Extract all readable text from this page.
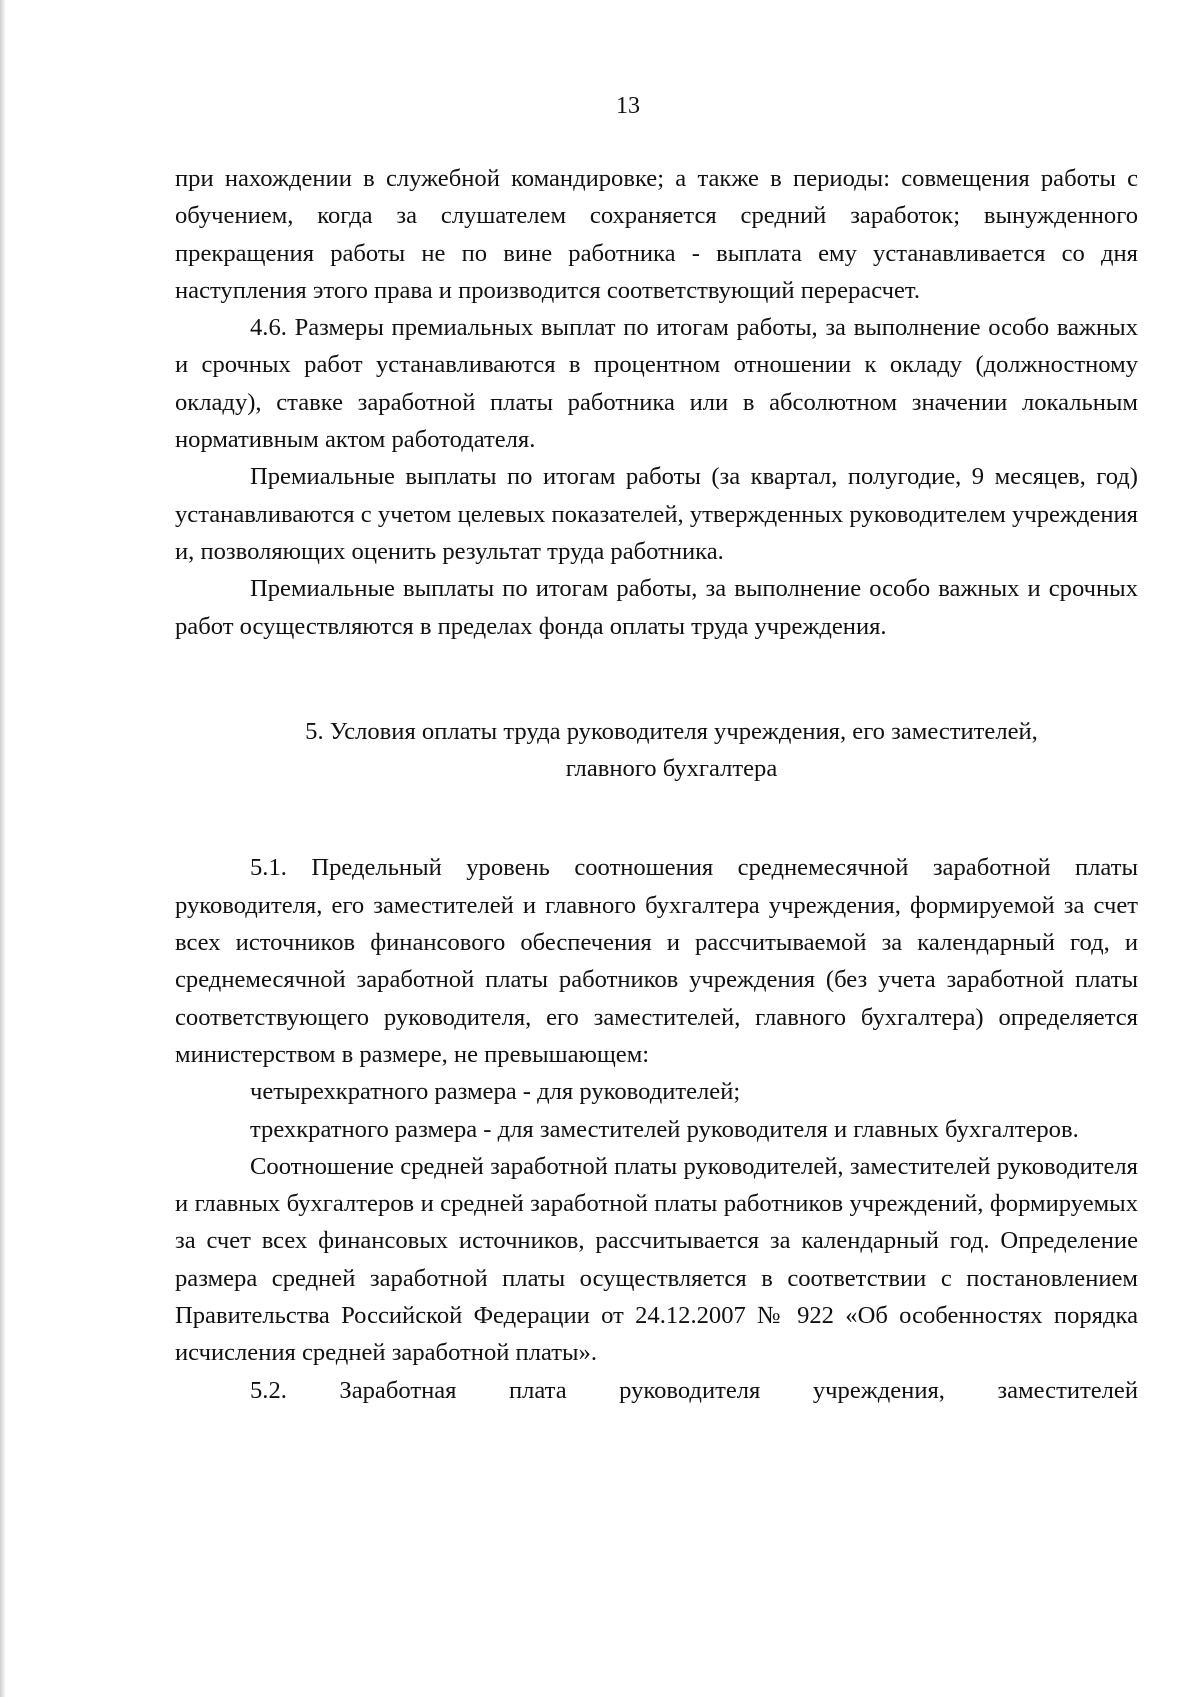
13

при нахождении в служебной командировке; а также в периоды: совмещения работы с обучением, когда за слушателем сохраняется средний заработок; вынужденного прекращения работы не по вине работника - выплата ему устанавливается со дня наступления этого права и производится соответствующий перерасчет.

4.6. Размеры премиальных выплат по итогам работы, за выполнение особо важных и срочных работ устанавливаются в процентном отношении к окладу (должностному окладу), ставке заработной платы работника или в абсолютном значении локальным нормативным актом работодателя.

Премиальные выплаты по итогам работы (за квартал, полугодие, 9 месяцев, год) устанавливаются с учетом целевых показателей, утвержденных руководителем учреждения и, позволяющих оценить результат труда работника.

Премиальные выплаты по итогам работы, за выполнение особо важных и срочных работ осуществляются в пределах фонда оплаты труда учреждения.

5. Условия оплаты труда руководителя учреждения, его заместителей,
главного бухгалтера

5.1. Предельный уровень соотношения среднемесячной заработной платы руководителя, его заместителей и главного бухгалтера учреждения, формируемой за счет всех источников финансового обеспечения и рассчитываемой за календарный год, и среднемесячной заработной платы работников учреждения (без учета заработной платы соответствующего руководителя, его заместителей, главного бухгалтера) определяется министерством в размере, не превышающем:

четырехкратного размера - для руководителей;

трехкратного размера - для заместителей руководителя и главных бухгалтеров.

Соотношение средней заработной платы руководителей, заместителей руководителя и главных бухгалтеров и средней заработной платы работников учреждений, формируемых за счет всех финансовых источников, рассчитывается за календарный год. Определение размера средней заработной платы осуществляется в соответствии с постановлением Правительства Российской Федерации от 24.12.2007 № 922 «Об особенностях порядка исчисления средней заработной платы».

5.2. Заработная плата руководителя учреждения, заместителей
